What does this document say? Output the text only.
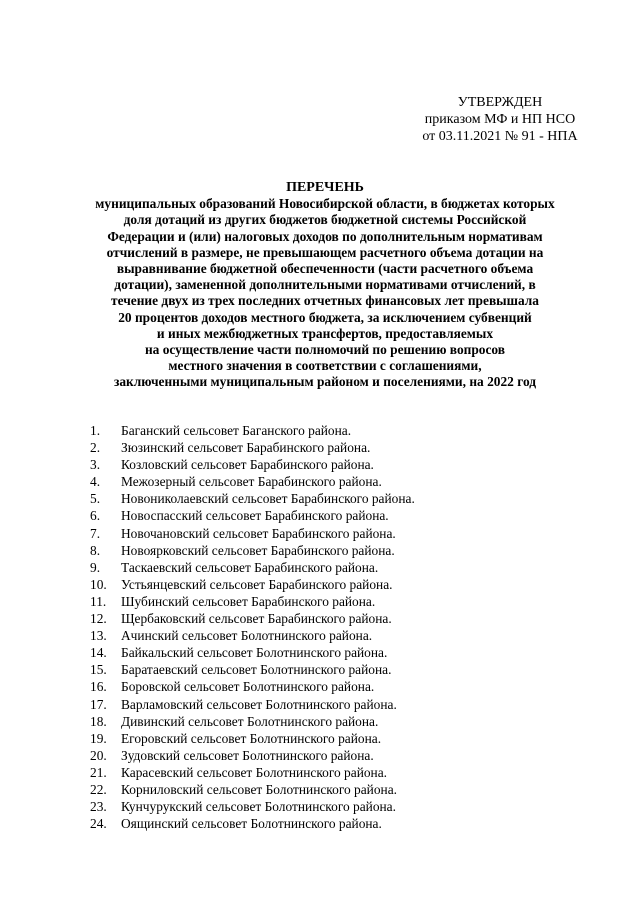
УТВЕРЖДЕН
приказом МФ и НП НСО
от 03.11.2021 № 91 - НПА
ПЕРЕЧЕНЬ
муниципальных образований Новосибирской области, в бюджетах которых
доля дотаций из других бюджетов бюджетной системы Российской
Федерации и (или) налоговых доходов по дополнительным нормативам
отчислений в размере, не превышающем расчетного объема дотации на
выравнивание бюджетной обеспеченности (части расчетного объема
дотации), замененной дополнительными нормативами отчислений, в
течение двух из трех последних отчетных финансовых лет превышала
20 процентов доходов местного бюджета, за исключением субвенций
и иных межбюджетных трансфертов, предоставляемых
на осуществление части полномочий по решению вопросов
местного значения в соответствии с соглашениями,
заключенными муниципальным районом и поселениями, на 2022 год
1.	Баганский сельсовет Баганского района.
2.	Зюзинский сельсовет Барабинского района.
3.	Козловский сельсовет Барабинского района.
4.	Межозерный сельсовет Барабинского района.
5.	Новониколаевский сельсовет Барабинского района.
6.	Новоспасский сельсовет Барабинского района.
7.	Новочановский сельсовет Барабинского района.
8.	Новоярковский сельсовет Барабинского района.
9.	Таскаевский сельсовет Барабинского района.
10.	Устьянцевский сельсовет Барабинского района.
11.	Шубинский сельсовет Барабинского района.
12.	Щербаковский сельсовет Барабинского района.
13.	Ачинский сельсовет Болотнинского района.
14.	Байкальский сельсовет Болотнинского района.
15.	Баратаевский сельсовет Болотнинского района.
16.	Боровской сельсовет Болотнинского района.
17.	Варламовский сельсовет Болотнинского района.
18.	Дивинский сельсовет Болотнинского района.
19.	Егоровский сельсовет Болотнинского района.
20.	Зудовский сельсовет Болотнинского района.
21.	Карасевский сельсовет Болотнинского района.
22.	Корниловский сельсовет Болотнинского района.
23.	Кунчурукский сельсовет Болотнинского района.
24.	Оящинский сельсовет Болотнинского района.
